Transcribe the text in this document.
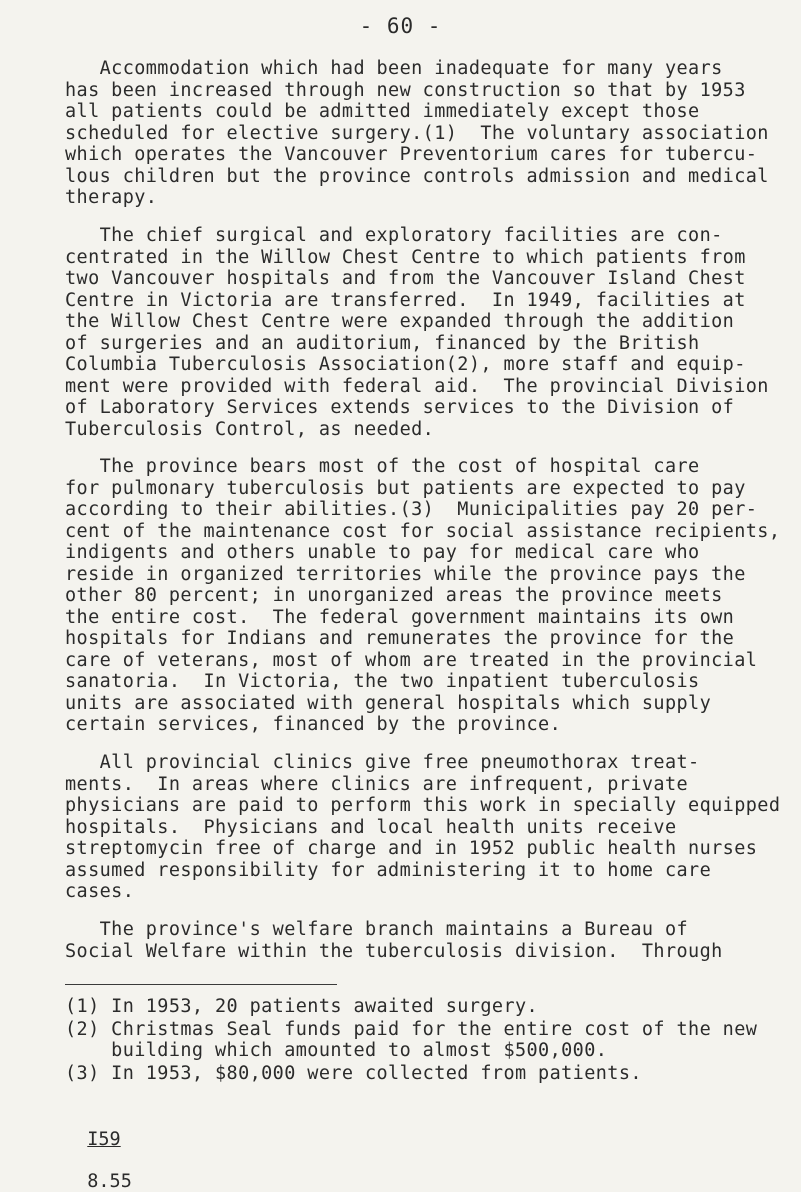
- 60 -
Accommodation which had been inadequate for many years
has been increased through new construction so that by 1953
all patients could be admitted immediately except those
scheduled for elective surgery.(1)  The voluntary association
which operates the Vancouver Preventorium cares for tubercu-
lous children but the province controls admission and medical
therapy.
The chief surgical and exploratory facilities are con-
centrated in the Willow Chest Centre to which patients from
two Vancouver hospitals and from the Vancouver Island Chest
Centre in Victoria are transferred.  In 1949, facilities at
the Willow Chest Centre were expanded through the addition
of surgeries and an auditorium, financed by the British
Columbia Tuberculosis Association(2), more staff and equip-
ment were provided with federal aid.  The provincial Division
of Laboratory Services extends services to the Division of
Tuberculosis Control, as needed.
The province bears most of the cost of hospital care
for pulmonary tuberculosis but patients are expected to pay
according to their abilities.(3)  Municipalities pay 20 per-
cent of the maintenance cost for social assistance recipients,
indigents and others unable to pay for medical care who
reside in organized territories while the province pays the
other 80 percent; in unorganized areas the province meets
the entire cost.  The federal government maintains its own
hospitals for Indians and remunerates the province for the
care of veterans, most of whom are treated in the provincial
sanatoria.  In Victoria, the two inpatient tuberculosis
units are associated with general hospitals which supply
certain services, financed by the province.
All provincial clinics give free pneumothorax treat-
ments.  In areas where clinics are infrequent, private
physicians are paid to perform this work in specially equipped
hospitals.  Physicians and local health units receive
streptomycin free of charge and in 1952 public health nurses
assumed responsibility for administering it to home care
cases.
The province's welfare branch maintains a Bureau of
Social Welfare within the tuberculosis division.  Through
(1) In 1953, 20 patients awaited surgery.
(2) Christmas Seal funds paid for the entire cost of the new
building which amounted to almost $500,000.
(3) In 1953, $80,000 were collected from patients.

I59

8.55
